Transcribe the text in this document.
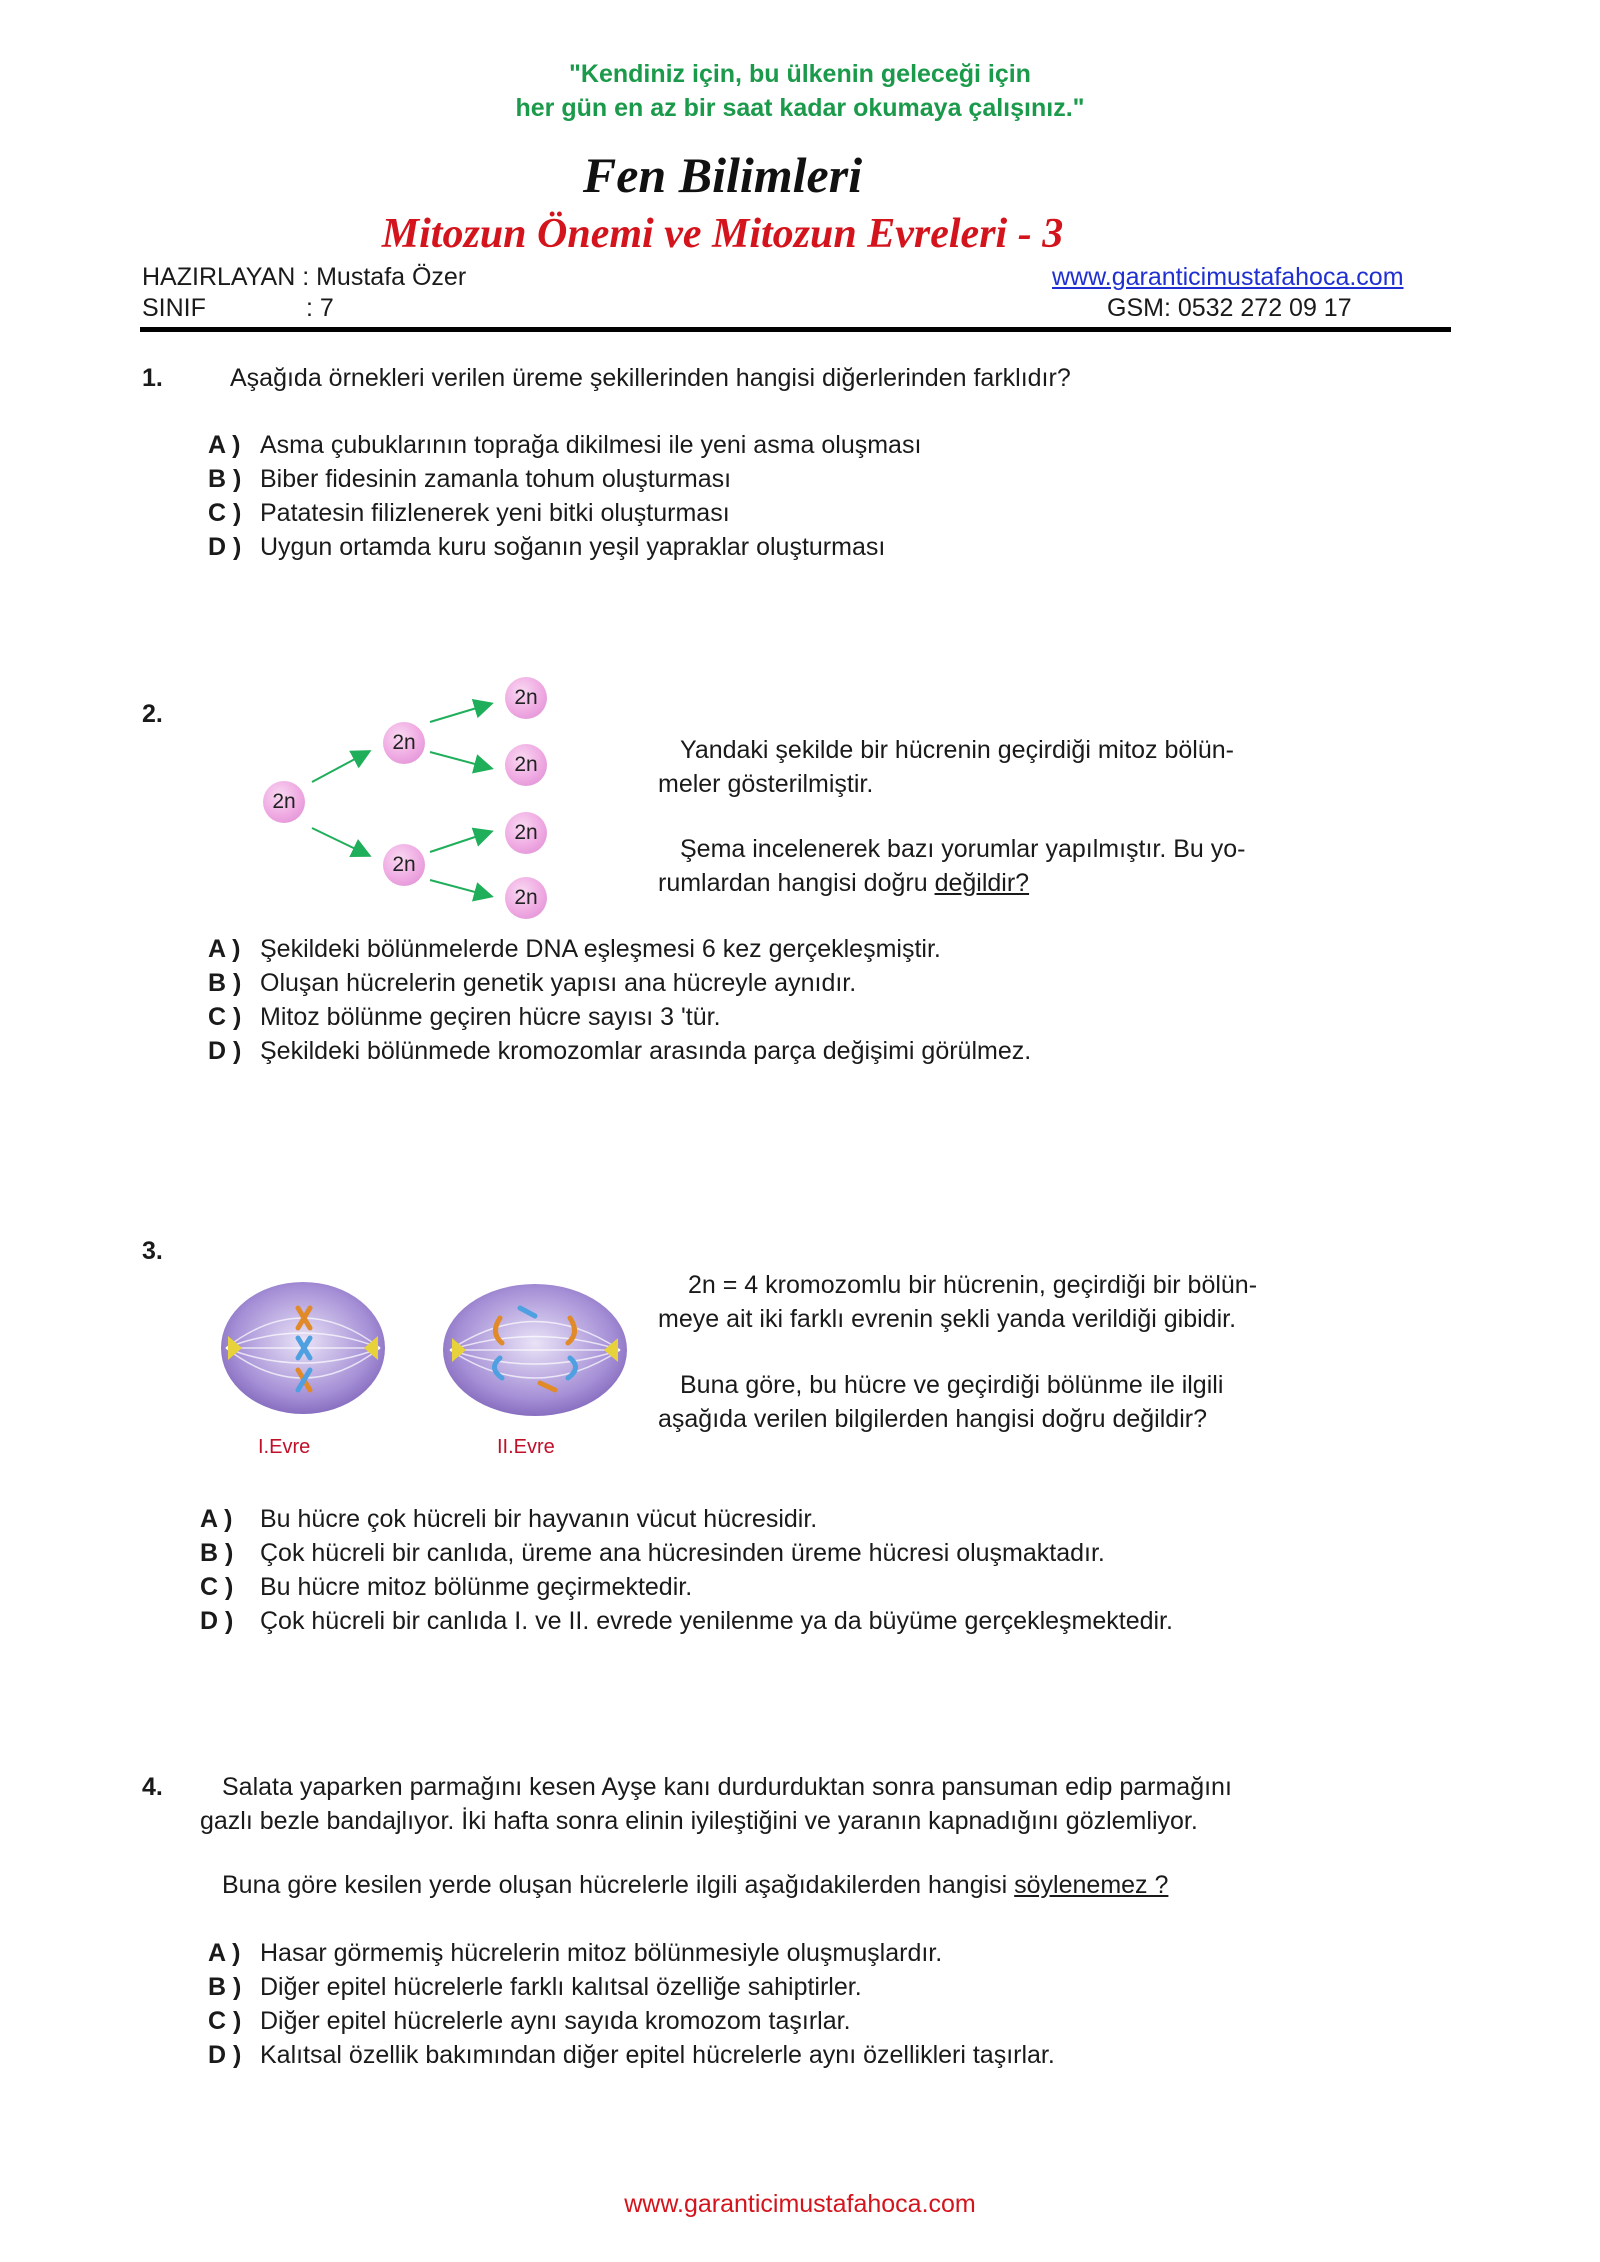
"Kendiniz için, bu ülkenin geleceği için
her gün en az bir saat kadar okumaya çalışınız."
Fen Bilimleri
Mitozun Önemi ve Mitozun Evreleri - 3
HAZIRLAYAN : Mustafa Özer	www.garanticimustafahoca.com
SINIF	: 7	GSM: 0532 272 09 17
1.	Aşağıda örnekleri verilen üreme şekillerinden hangisi diğerlerinden farklıdır?
A ) Asma çubuklarının toprağa dikilmesi ile yeni asma oluşması
B ) Biber fidesinin zamanla tohum oluşturması
C ) Patatesin filizlenerek yeni bitki oluşturması
D ) Uygun ortamda kuru soğanın yeşil yapraklar oluşturması
2.
2n
2n
2n
2n
2n
2n
2n
Yandaki şekilde bir hücrenin geçirdiği mitoz bölün-
meler gösterilmiştir.
Şema incelenerek bazı yorumlar yapılmıştır. Bu yo-
rumlardan hangisi doğru değildir?
A ) Şekildeki bölünmelerde DNA eşleşmesi 6 kez gerçekleşmiştir.
B ) Oluşan hücrelerin genetik yapısı ana hücreyle aynıdır.
C ) Mitoz bölünme geçiren hücre sayısı 3 'tür.
D ) Şekildeki bölünmede kromozomlar arasında parça değişimi görülmez.
3.
I.Evre	II.Evre
2n = 4 kromozomlu bir hücrenin, geçirdiği bir bölün-
meye ait iki farklı evrenin şekli yanda verildiği gibidir.
Buna göre, bu hücre ve geçirdiği bölünme ile ilgili
aşağıda verilen bilgilerden hangisi doğru değildir?
A ) Bu hücre çok hücreli bir hayvanın vücut hücresidir.
B ) Çok hücreli bir canlıda, üreme ana hücresinden üreme hücresi oluşmaktadır.
C ) Bu hücre mitoz bölünme geçirmektedir.
D ) Çok hücreli bir canlıda I. ve II. evrede yenilenme ya da büyüme gerçekleşmektedir.
4. Salata yaparken parmağını kesen Ayşe kanı durdurduktan sonra pansuman edip parmağını
gazlı bezle bandajlıyor. İki hafta sonra elinin iyileştiğini ve yaranın kapnadığını gözlemliyor.
Buna göre kesilen yerde oluşan hücrelerle ilgili aşağıdakilerden hangisi söylenemez ?
A ) Hasar görmemiş hücrelerin mitoz bölünmesiyle oluşmuşlardır.
B ) Diğer epitel hücrelerle farklı kalıtsal özelliğe sahiptirler.
C ) Diğer epitel hücrelerle aynı sayıda kromozom taşırlar.
D ) Kalıtsal özellik bakımından diğer epitel hücrelerle aynı özellikleri taşırlar.
www.garanticimustafahoca.com
